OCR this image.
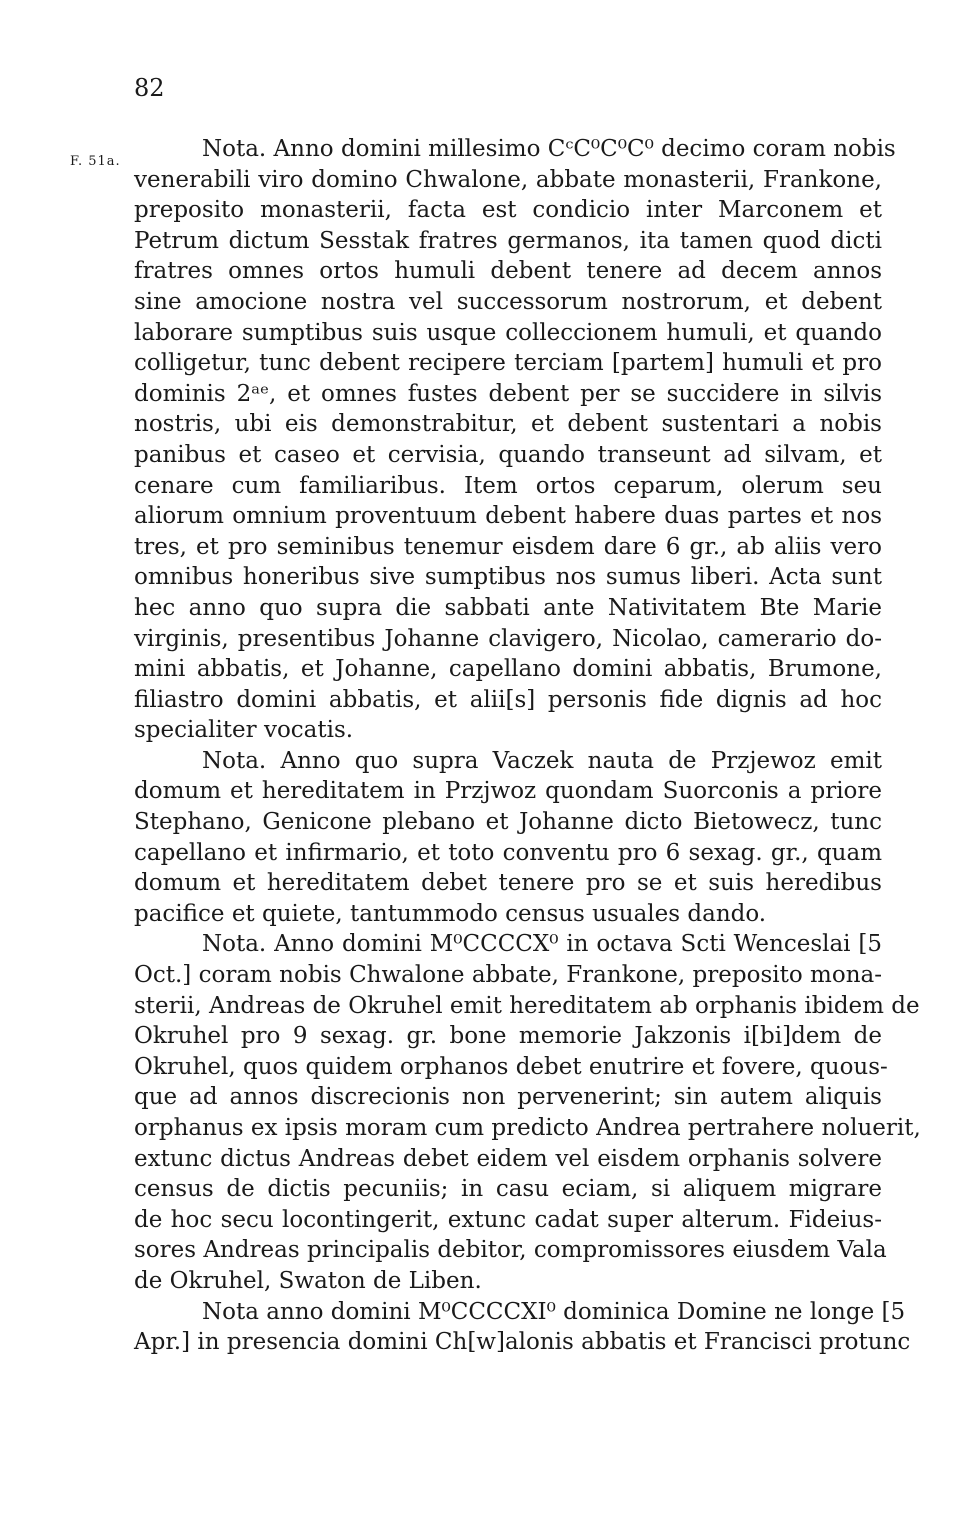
82
F. 51a.	Nota. Anno domini millesimo CᶜC⁰C⁰C⁰ decimo coram nobis
venerabili viro domino Chwalone, abbate monasterii, Frankone,
preposito monasterii, facta est condicio inter Marconem et
Petrum dictum Sesstak fratres germanos, ita tamen quod dicti
fratres omnes ortos humuli debent tenere ad decem annos
sine amocione nostra vel successorum nostrorum, et debent
laborare sumptibus suis usque colleccionem humuli, et quando
colligetur, tunc debent recipere terciam [partem] humuli et pro
dominis 2ᵃᵉ, et omnes fustes debent per se succidere in silvis
nostris, ubi eis demonstrabitur, et debent sustentari a nobis
panibus et caseo et cervisia, quando transeunt ad silvam, et
cenare cum familiaribus. Item ortos ceparum, olerum seu
aliorum omnium proventuum debent habere duas partes et nos
tres, et pro seminibus tenemur eisdem dare 6 gr., ab aliis vero
omnibus honeribus sive sumptibus nos sumus liberi. Acta sunt
hec anno quo supra die sabbati ante Nativitatem Bte Marie
virginis, presentibus Johanne clavigero, Nicolao, camerario do-
mini abbatis, et Johanne, capellano domini abbatis, Brumone,
filiastro domini abbatis, et alii[s] personis fide dignis ad hoc
specialiter vocatis.
Nota. Anno quo supra Vaczek nauta de Przjewoz emit
domum et hereditatem in Przjwoz quondam Suorconis a priore
Stephano, Genicone plebano et Johanne dicto Bietowecz, tunc
capellano et infirmario, et toto conventu pro 6 sexag. gr., quam
domum et hereditatem debet tenere pro se et suis heredibus
pacifice et quiete, tantummodo census usuales dando.
Nota. Anno domini M⁰CCCCX⁰ in octava Scti Wenceslai [5
Oct.] coram nobis Chwalone abbate, Frankone, preposito mona-
sterii, Andreas de Okruhel emit hereditatem ab orphanis ibidem de
Okruhel pro 9 sexag. gr. bone memorie Jakzonis i[bi]dem de
Okruhel, quos quidem orphanos debet enutrire et fovere, quous-
que ad annos discrecionis non pervenerint; sin autem aliquis
orphanus ex ipsis moram cum predicto Andrea pertrahere noluerit,
extunc dictus Andreas debet eidem vel eisdem orphanis solvere
census de dictis pecuniis; in casu eciam, si aliquem migrare
de hoc secu locontingerit, extunc cadat super alterum. Fideius-
sores Andreas principalis debitor, compromissores eiusdem Vala
de Okruhel, Swaton de Liben.
Nota anno domini M⁰CCCCXI⁰ dominica Domine ne longe [5
Apr.] in presencia domini Ch[w]alonis abbatis et Francisci protunc
